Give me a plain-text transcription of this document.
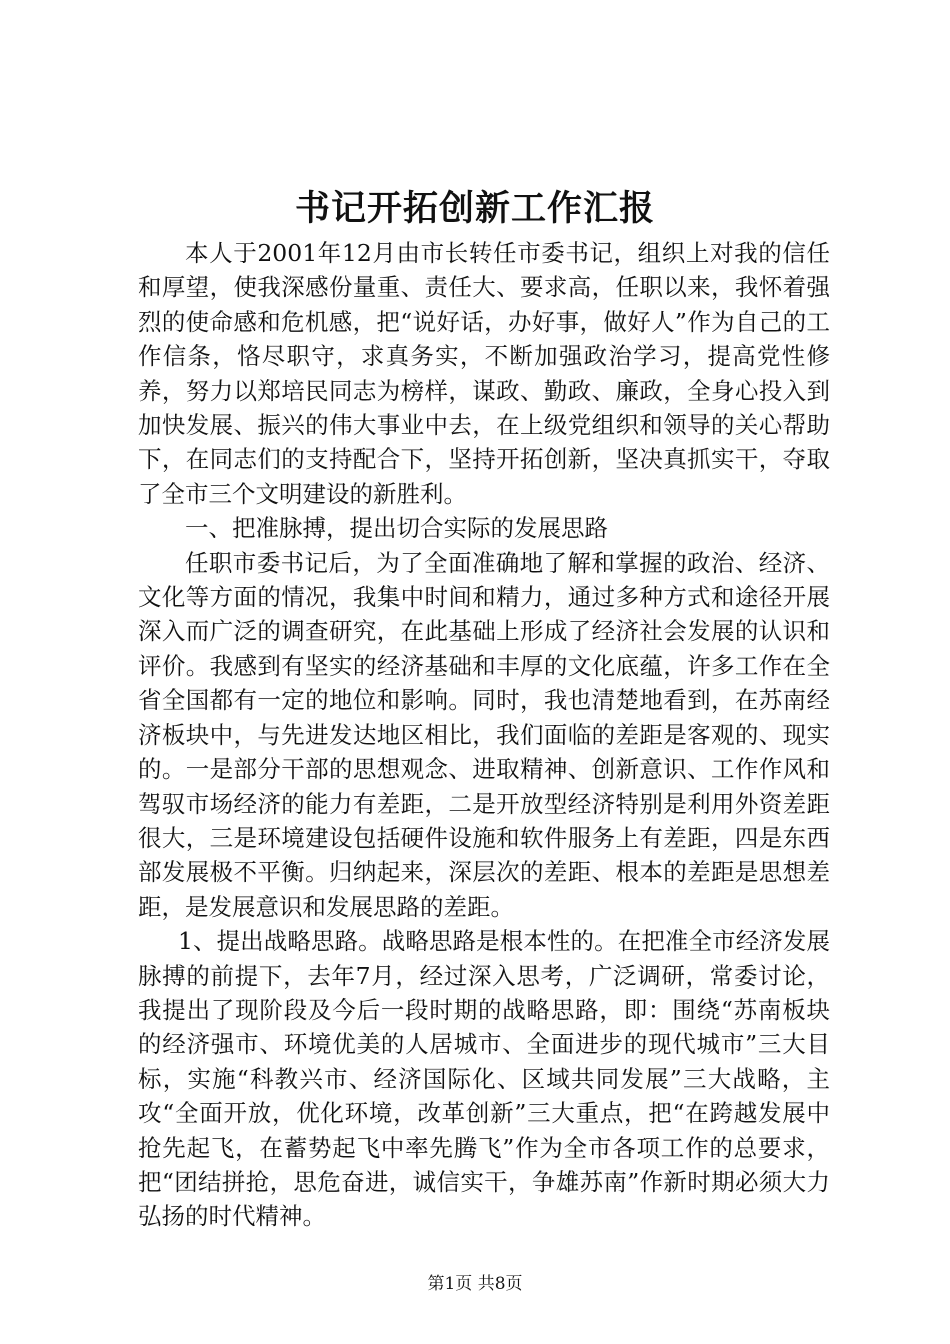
书记开拓创新工作汇报

本人于2001年12月由市长转任市委书记，组织上对我的信任和厚望，使我深感份量重、责任大、要求高，任职以来，我怀着强烈的使命感和危机感，把“说好话，办好事，做好人”作为自己的工作信条，恪尽职守，求真务实，不断加强政治学习，提高党性修养，努力以郑培民同志为榜样，谋政、勤政、廉政，全身心投入到加快发展、振兴的伟大事业中去，在上级党组织和领导的关心帮助下，在同志们的支持配合下，坚持开拓创新，坚决真抓实干，夺取了全市三个文明建设的新胜利。

一、把准脉搏，提出切合实际的发展思路

任职市委书记后，为了全面准确地了解和掌握的政治、经济、文化等方面的情况，我集中时间和精力，通过多种方式和途径开展深入而广泛的调查研究，在此基础上形成了经济社会发展的认识和评价。我感到有坚实的经济基础和丰厚的文化底蕴，许多工作在全省全国都有一定的地位和影响。同时，我也清楚地看到，在苏南经济板块中，与先进发达地区相比，我们面临的差距是客观的、现实的。一是部分干部的思想观念、进取精神、创新意识、工作作风和驾驭市场经济的能力有差距，二是开放型经济特别是利用外资差距很大，三是环境建设包括硬件设施和软件服务上有差距，四是东西部发展极不平衡。归纳起来，深层次的差距、根本的差距是思想差距，是发展意识和发展思路的差距。

1、提出战略思路。战略思路是根本性的。在把准全市经济发展脉搏的前提下，去年7月，经过深入思考，广泛调研，常委讨论，我提出了现阶段及今后一段时期的战略思路，即：围绕“苏南板块的经济强市、环境优美的人居城市、全面进步的现代城市”三大目标，实施“科教兴市、经济国际化、区域共同发展”三大战略，主攻“全面开放，优化环境，改革创新”三大重点，把“在跨越发展中抢先起飞，在蓄势起飞中率先腾飞”作为全市各项工作的总要求，把“团结拼抢，思危奋进，诚信实干，争雄苏南”作新时期必须大力弘扬的时代精神。

第1页 共8页
